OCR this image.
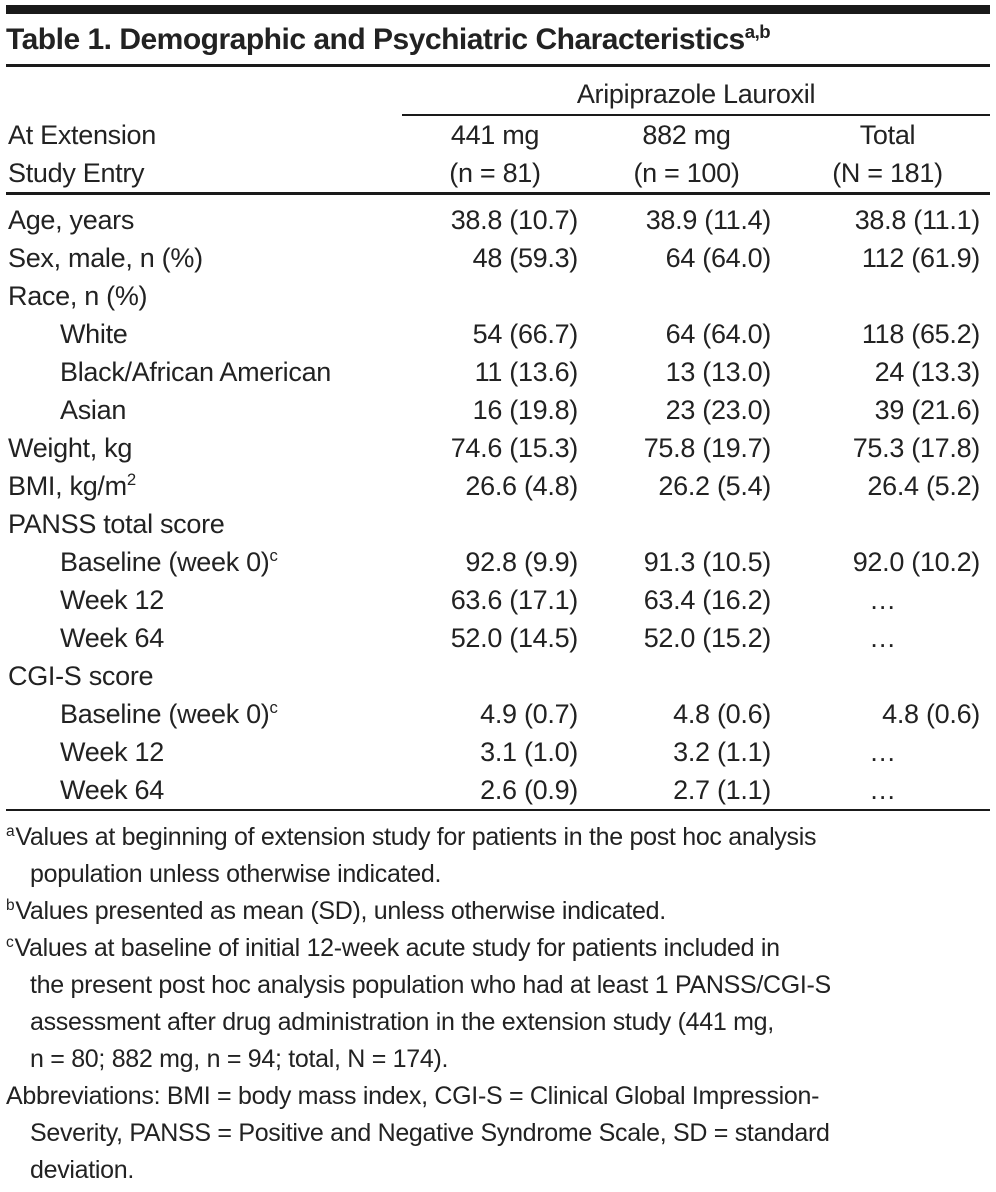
Table 1. Demographic and Psychiatric Characteristics$^{a,b}$
	Aripiprazole Lauroxil		
At Extension	441 mg	882 mg	Total
Study Entry	(n = 81)	(n = 100)	(N = 181)
Age, years	38.8 (10.7)	38.9 (11.4)	38.8 (11.1)
Sex, male, n (%)	48 (59.3)	64 (64.0)	112 (61.9)
Race, n (%)			
White	54 (66.7)	64 (64.0)	118 (65.2)
Black/African American	11 (13.6)	13 (13.0)	24 (13.3)
Asian	16 (19.8)	23 (23.0)	39 (21.6)
Weight, kg	74.6 (15.3)	75.8 (19.7)	75.3 (17.8)
BMI, $kg/m^2$	26.6 (4.8)	26.2 (5.4)	26.4 (5.2)
PANSS total score			
Baseline (week 0)$^c$	92.8 (9.9)	91.3 (10.5)	92.0 (10.2)
Week 12	63.6 (17.1)	63.4 (16.2)	…
Week 64	52.0 (14.5)	52.0 (15.2)	…
CGI-S score			
Baseline (week 0)$^c$	4.9 (0.7)	4.8 (0.6)	4.8 (0.6)
Week 12	3.1 (1.0)	3.2 (1.1)	…
Week 64	2.6 (0.9)	2.7 (1.1)	…
$^a$Values at beginning of extension study for patients in the post hoc analysis
population unless otherwise indicated.
$^b$Values presented as mean (SD), unless otherwise indicated.
$^c$Values at baseline of initial 12-week acute study for patients included in
the present post hoc analysis population who had at least 1 PANSS/CGI-S
assessment after drug administration in the extension study (441 mg,
n = 80; 882 mg, n = 94; total, N = 174).
Abbreviations: BMI = body mass index, CGI-S = Clinical Global Impression-
Severity, PANSS = Positive and Negative Syndrome Scale, SD = standard
deviation.
